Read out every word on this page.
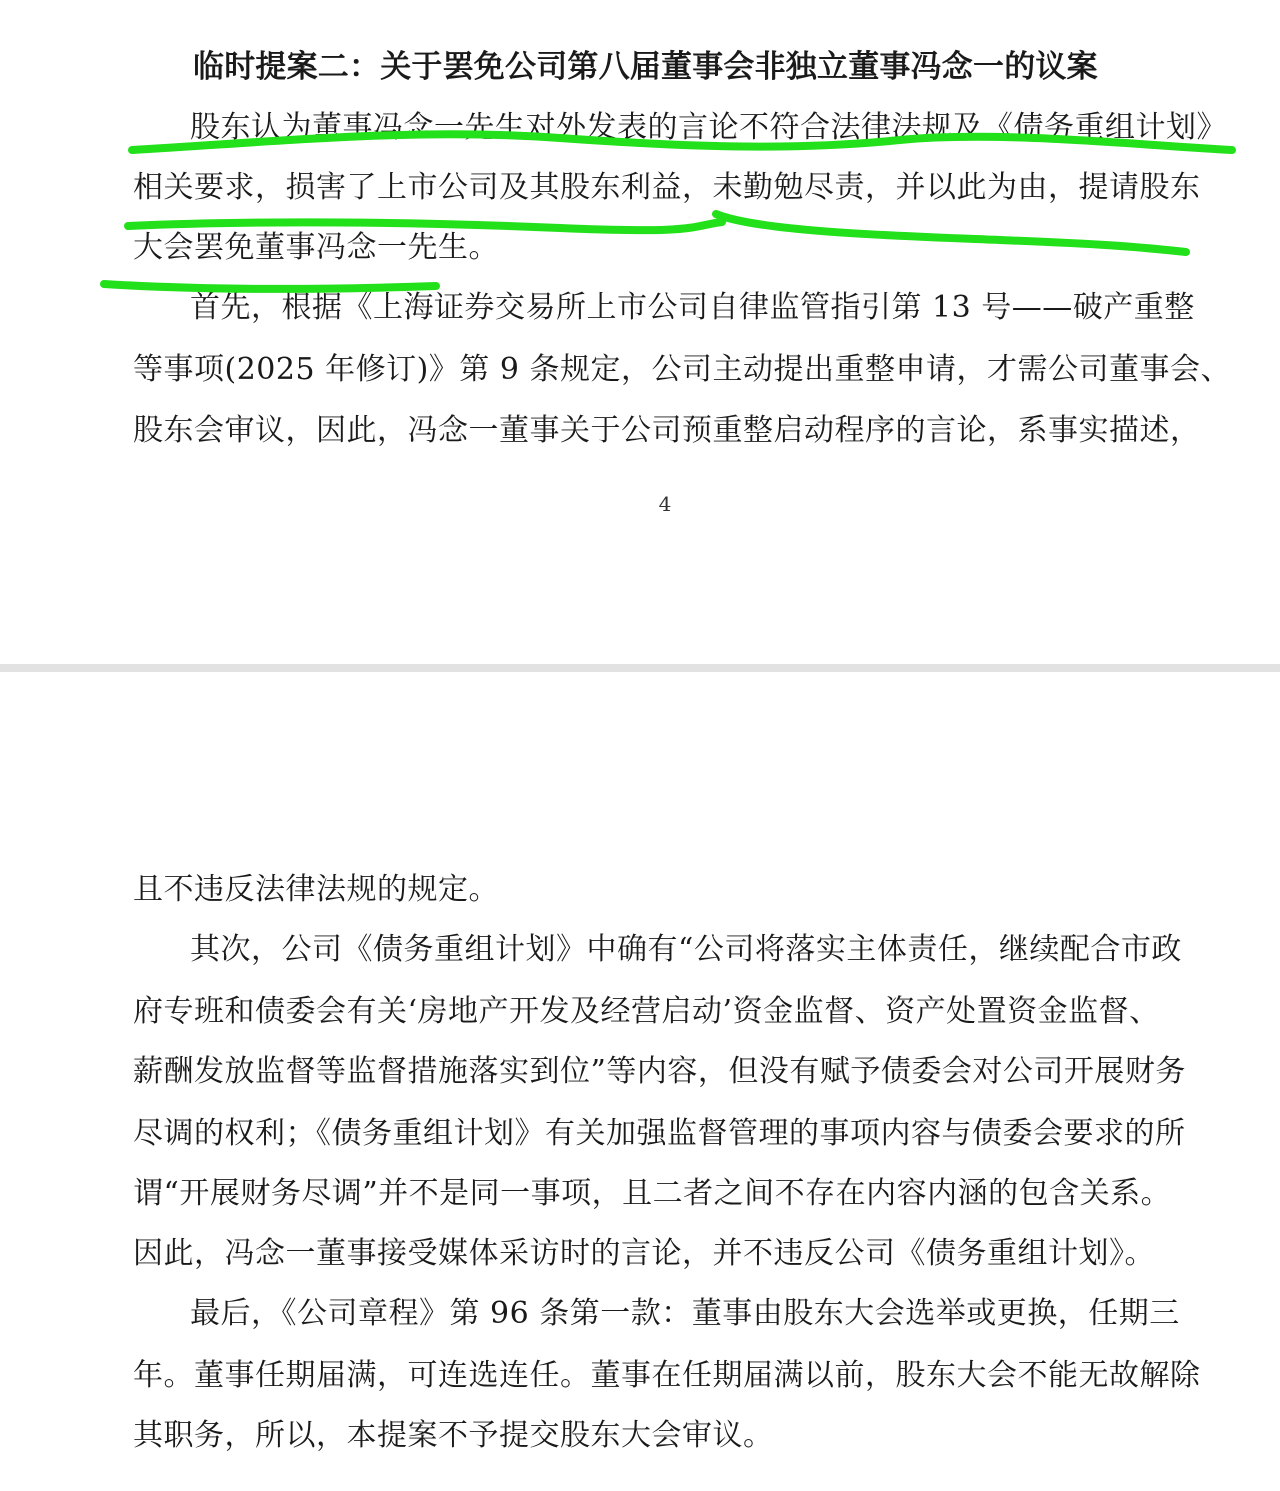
临时提案二：关于罢免公司第八届董事会非独立董事冯念一的议案
股东认为董事冯念一先生对外发表的言论不符合法律法规及《债务重组计划》
相关要求，损害了上市公司及其股东利益，未勤勉尽责，并以此为由，提请股东
大会罢免董事冯念一先生。
首先，根据《上海证券交易所上市公司自律监管指引第 13 号——破产重整
等事项(2025 年修订)》第 9 条规定，公司主动提出重整申请，才需公司董事会、
股东会审议，因此，冯念一董事关于公司预重整启动程序的言论，系事实描述，
4
且不违反法律法规的规定。
其次，公司《债务重组计划》中确有“公司将落实主体责任，继续配合市政
府专班和债委会有关‘房地产开发及经营启动’资金监督、资产处置资金监督、
薪酬发放监督等监督措施落实到位”等内容，但没有赋予债委会对公司开展财务
尽调的权利；《债务重组计划》有关加强监督管理的事项内容与债委会要求的所
谓“开展财务尽调”并不是同一事项，且二者之间不存在内容内涵的包含关系。
因此，冯念一董事接受媒体采访时的言论，并不违反公司《债务重组计划》。
最后，《公司章程》第 96 条第一款：董事由股东大会选举或更换，任期三
年。董事任期届满，可连选连任。董事在任期届满以前，股东大会不能无故解除
其职务，所以，本提案不予提交股东大会审议。
